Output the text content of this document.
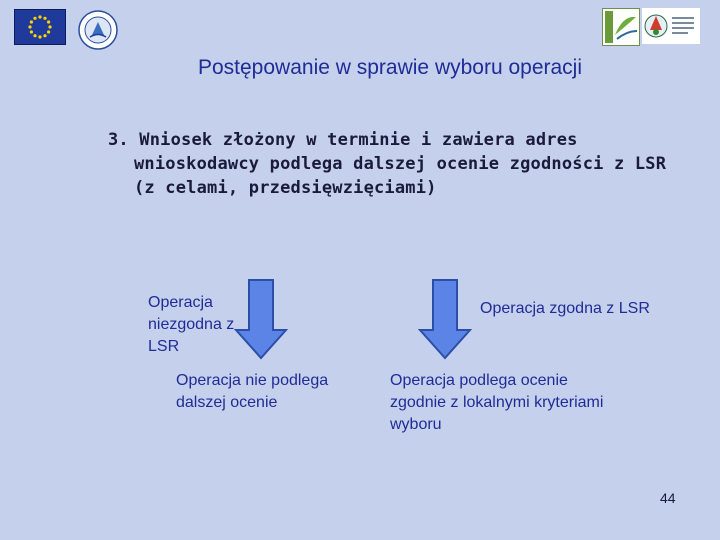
Postępowanie w sprawie wyboru operacji
3. Wniosek złożony w terminie i zawiera adres wnioskodawcy podlega dalszej ocenie zgodności z LSR (z celami, przedsięwzięciami)
Operacja niezgodna z LSR
Operacja nie podlega dalszej ocenie
Operacja zgodna z LSR
Operacja podlega ocenie zgodnie z lokalnymi kryteriami wyboru
44
